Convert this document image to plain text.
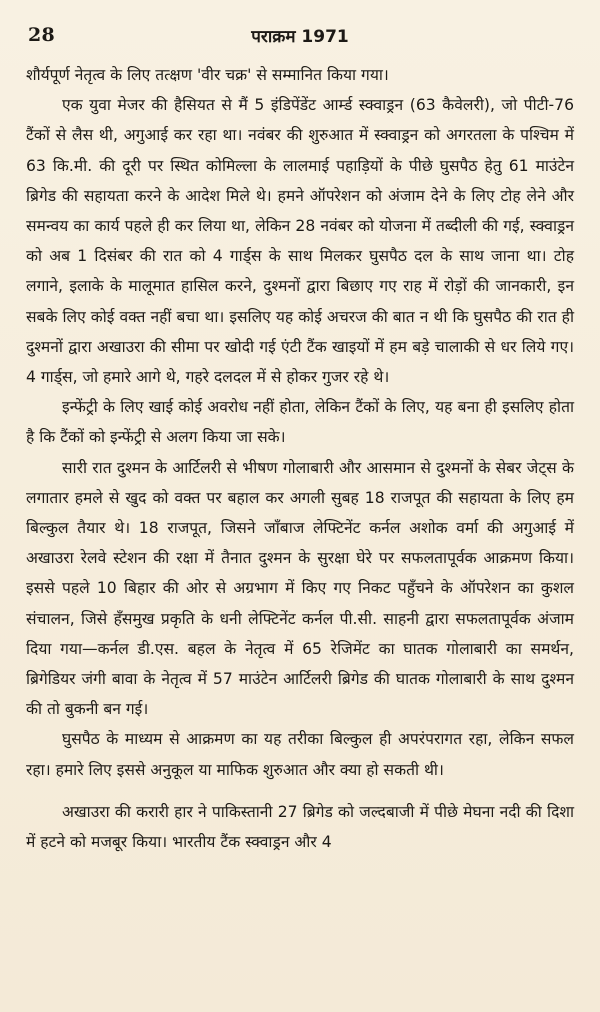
28	पराक्रम 1971

शौर्यपूर्ण नेतृत्व के लिए तत्क्षण 'वीर चक्र' से सम्मानित किया गया।

एक युवा मेजर की हैसियत से मैं 5 इंडिपेंडेंट आर्म्ड स्क्वाड्रन (63 कैवेलरी), जो पीटी-76 टैंकों से लैस थी, अगुआई कर रहा था। नवंबर की शुरुआत में स्क्वाड्रन को अगरतला के पश्चिम में 63 कि.मी. की दूरी पर स्थित कोमिल्ला के लालमाई पहाड़ियों के पीछे घुसपैठ हेतु 61 माउंटेन ब्रिगेड की सहायता करने के आदेश मिले थे। हमने ऑपरेशन को अंजाम देने के लिए टोह लेने और समन्वय का कार्य पहले ही कर लिया था, लेकिन 28 नवंबर को योजना में तब्दीली की गई, स्क्वाड्रन को अब 1 दिसंबर की रात को 4 गार्ड्स के साथ मिलकर घुसपैठ दल के साथ जाना था। टोह लगाने, इलाके के मालूमात हासिल करने, दुश्मनों द्वारा बिछाए गए राह में रोड़ों की जानकारी, इन सबके लिए कोई वक्त नहीं बचा था। इसलिए यह कोई अचरज की बात न थी कि घुसपैठ की रात ही दुश्मनों द्वारा अखाउरा की सीमा पर खोदी गई एंटी टैंक खाइयों में हम बड़े चालाकी से धर लिये गए। 4 गार्ड्स, जो हमारे आगे थे, गहरे दलदल में से होकर गुजर रहे थे।

इन्फेंट्री के लिए खाई कोई अवरोध नहीं होता, लेकिन टैंकों के लिए, यह बना ही इसलिए होता है कि टैंकों को इन्फेंट्री से अलग किया जा सके।

सारी रात दुश्मन के आर्टिलरी से भीषण गोलाबारी और आसमान से दुश्मनों के सेबर जेट्स के लगातार हमले से खुद को वक्त पर बहाल कर अगली सुबह 18 राजपूत की सहायता के लिए हम बिल्कुल तैयार थे। 18 राजपूत, जिसने जाँबाज लेफ्टिनेंट कर्नल अशोक वर्मा की अगुआई में अखाउरा रेलवे स्टेशन की रक्षा में तैनात दुश्मन के सुरक्षा घेरे पर सफलतापूर्वक आक्रमण किया। इससे पहले 10 बिहार की ओर से अग्रभाग में किए गए निकट पहुँचने के ऑपरेशन का कुशल संचालन, जिसे हँसमुख प्रकृति के धनी लेफ्टिनेंट कर्नल पी.सी. साहनी द्वारा सफलतापूर्वक अंजाम दिया गया—कर्नल डी.एस. बहल के नेतृत्व में 65 रेजिमेंट का घातक गोलाबारी का समर्थन, ब्रिगेडियर जंगी बावा के नेतृत्व में 57 माउंटेन आर्टिलरी ब्रिगेड की घातक गोलाबारी के साथ दुश्मन की तो बुकनी बन गई।

घुसपैठ के माध्यम से आक्रमण का यह तरीका बिल्कुल ही अपरंपरागत रहा, लेकिन सफल रहा। हमारे लिए इससे अनुकूल या माफिक शुरुआत और क्या हो सकती थी।

अखाउरा की करारी हार ने पाकिस्तानी 27 ब्रिगेड को जल्दबाजी में पीछे मेघना नदी की दिशा में हटने को मजबूर किया। भारतीय टैंक स्क्वाड्रन और 4
